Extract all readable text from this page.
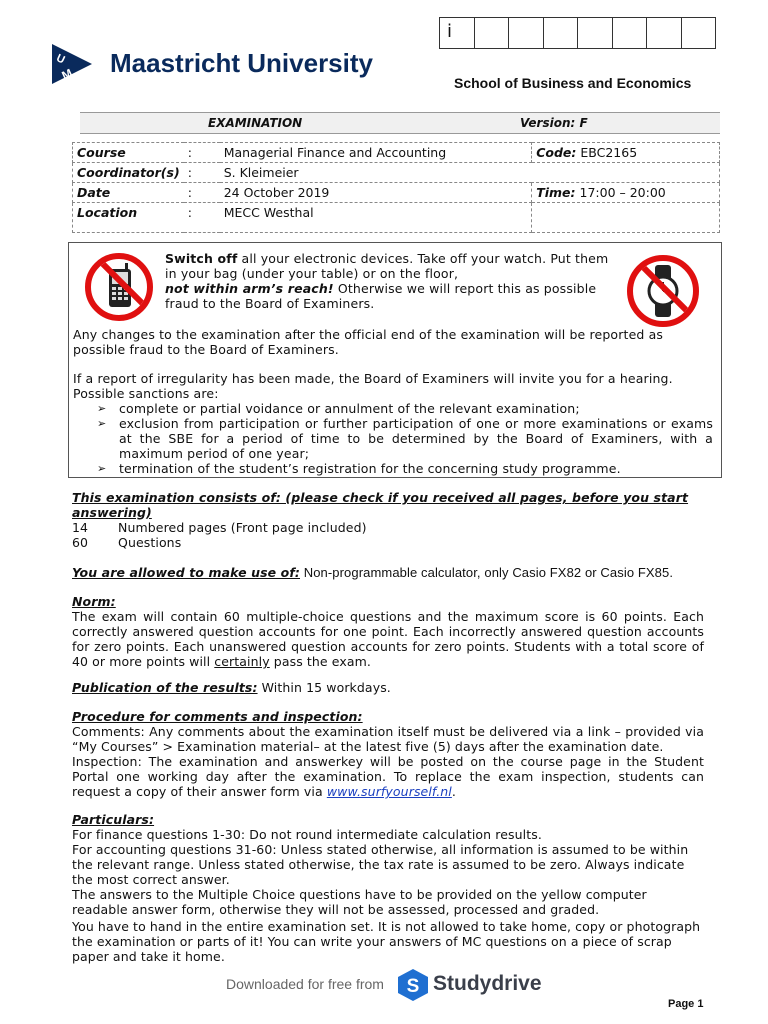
i
U
M Maastricht University
School of Business and Economics
EXAMINATION	Version: F
Course	:	Managerial Finance and Accounting	Code: EBC2165
Coordinator(s)	:	S. Kleimeier	
Date	:	24 October 2019	Time: 17:00 – 20:00
Location	:	MECC Westhal	
Switch off all your electronic devices. Take off your watch. Put them
in your bag (under your table) or on the floor,
not within arm’s reach! Otherwise we will report this as possible
fraud to the Board of Examiners.
Any changes to the examination after the official end of the examination will be reported as possible fraud to the Board of Examiners.
If a report of irregularity has been made, the Board of Examiners will invite you for a hearing. Possible sanctions are:
➢ complete or partial voidance or annulment of the relevant examination;
➢ exclusion from participation or further participation of one or more examinations or exams at the SBE for a period of time to be determined by the Board of Examiners, with a maximum period of one year;
➢ termination of the student’s registration for the concerning study programme.
This examination consists of: (please check if you received all pages, before you start answering)
14 Numbered pages (Front page included)
60 Questions
You are allowed to make use of: Non-programmable calculator, only Casio FX82 or Casio FX85.
Norm:
The exam will contain 60 multiple-choice questions and the maximum score is 60 points. Each correctly answered question accounts for one point. Each incorrectly answered question accounts for zero points. Each unanswered question accounts for zero points. Students with a total score of 40 or more points will certainly pass the exam.
Publication of the results: Within 15 workdays.
Procedure for comments and inspection:
Comments: Any comments about the examination itself must be delivered via a link – provided via “My Courses” > Examination material– at the latest five (5) days after the examination date.
Inspection: The examination and answerkey will be posted on the course page in the Student Portal one working day after the examination. To replace the exam inspection, students can request a copy of their answer form via www.surfyourself.nl.
Particulars:
For finance questions 1-30: Do not round intermediate calculation results.
For accounting questions 31-60: Unless stated otherwise, all information is assumed to be within the relevant range. Unless stated otherwise, the tax rate is assumed to be zero. Always indicate the most correct answer.
The answers to the Multiple Choice questions have to be provided on the yellow computer readable answer form, otherwise they will not be assessed, processed and graded.
You have to hand in the entire examination set. It is not allowed to take home, copy or photograph the examination or parts of it! You can write your answers of MC questions on a piece of scrap paper and take it home.
Downloaded for free from S Studydrive
Page 1
